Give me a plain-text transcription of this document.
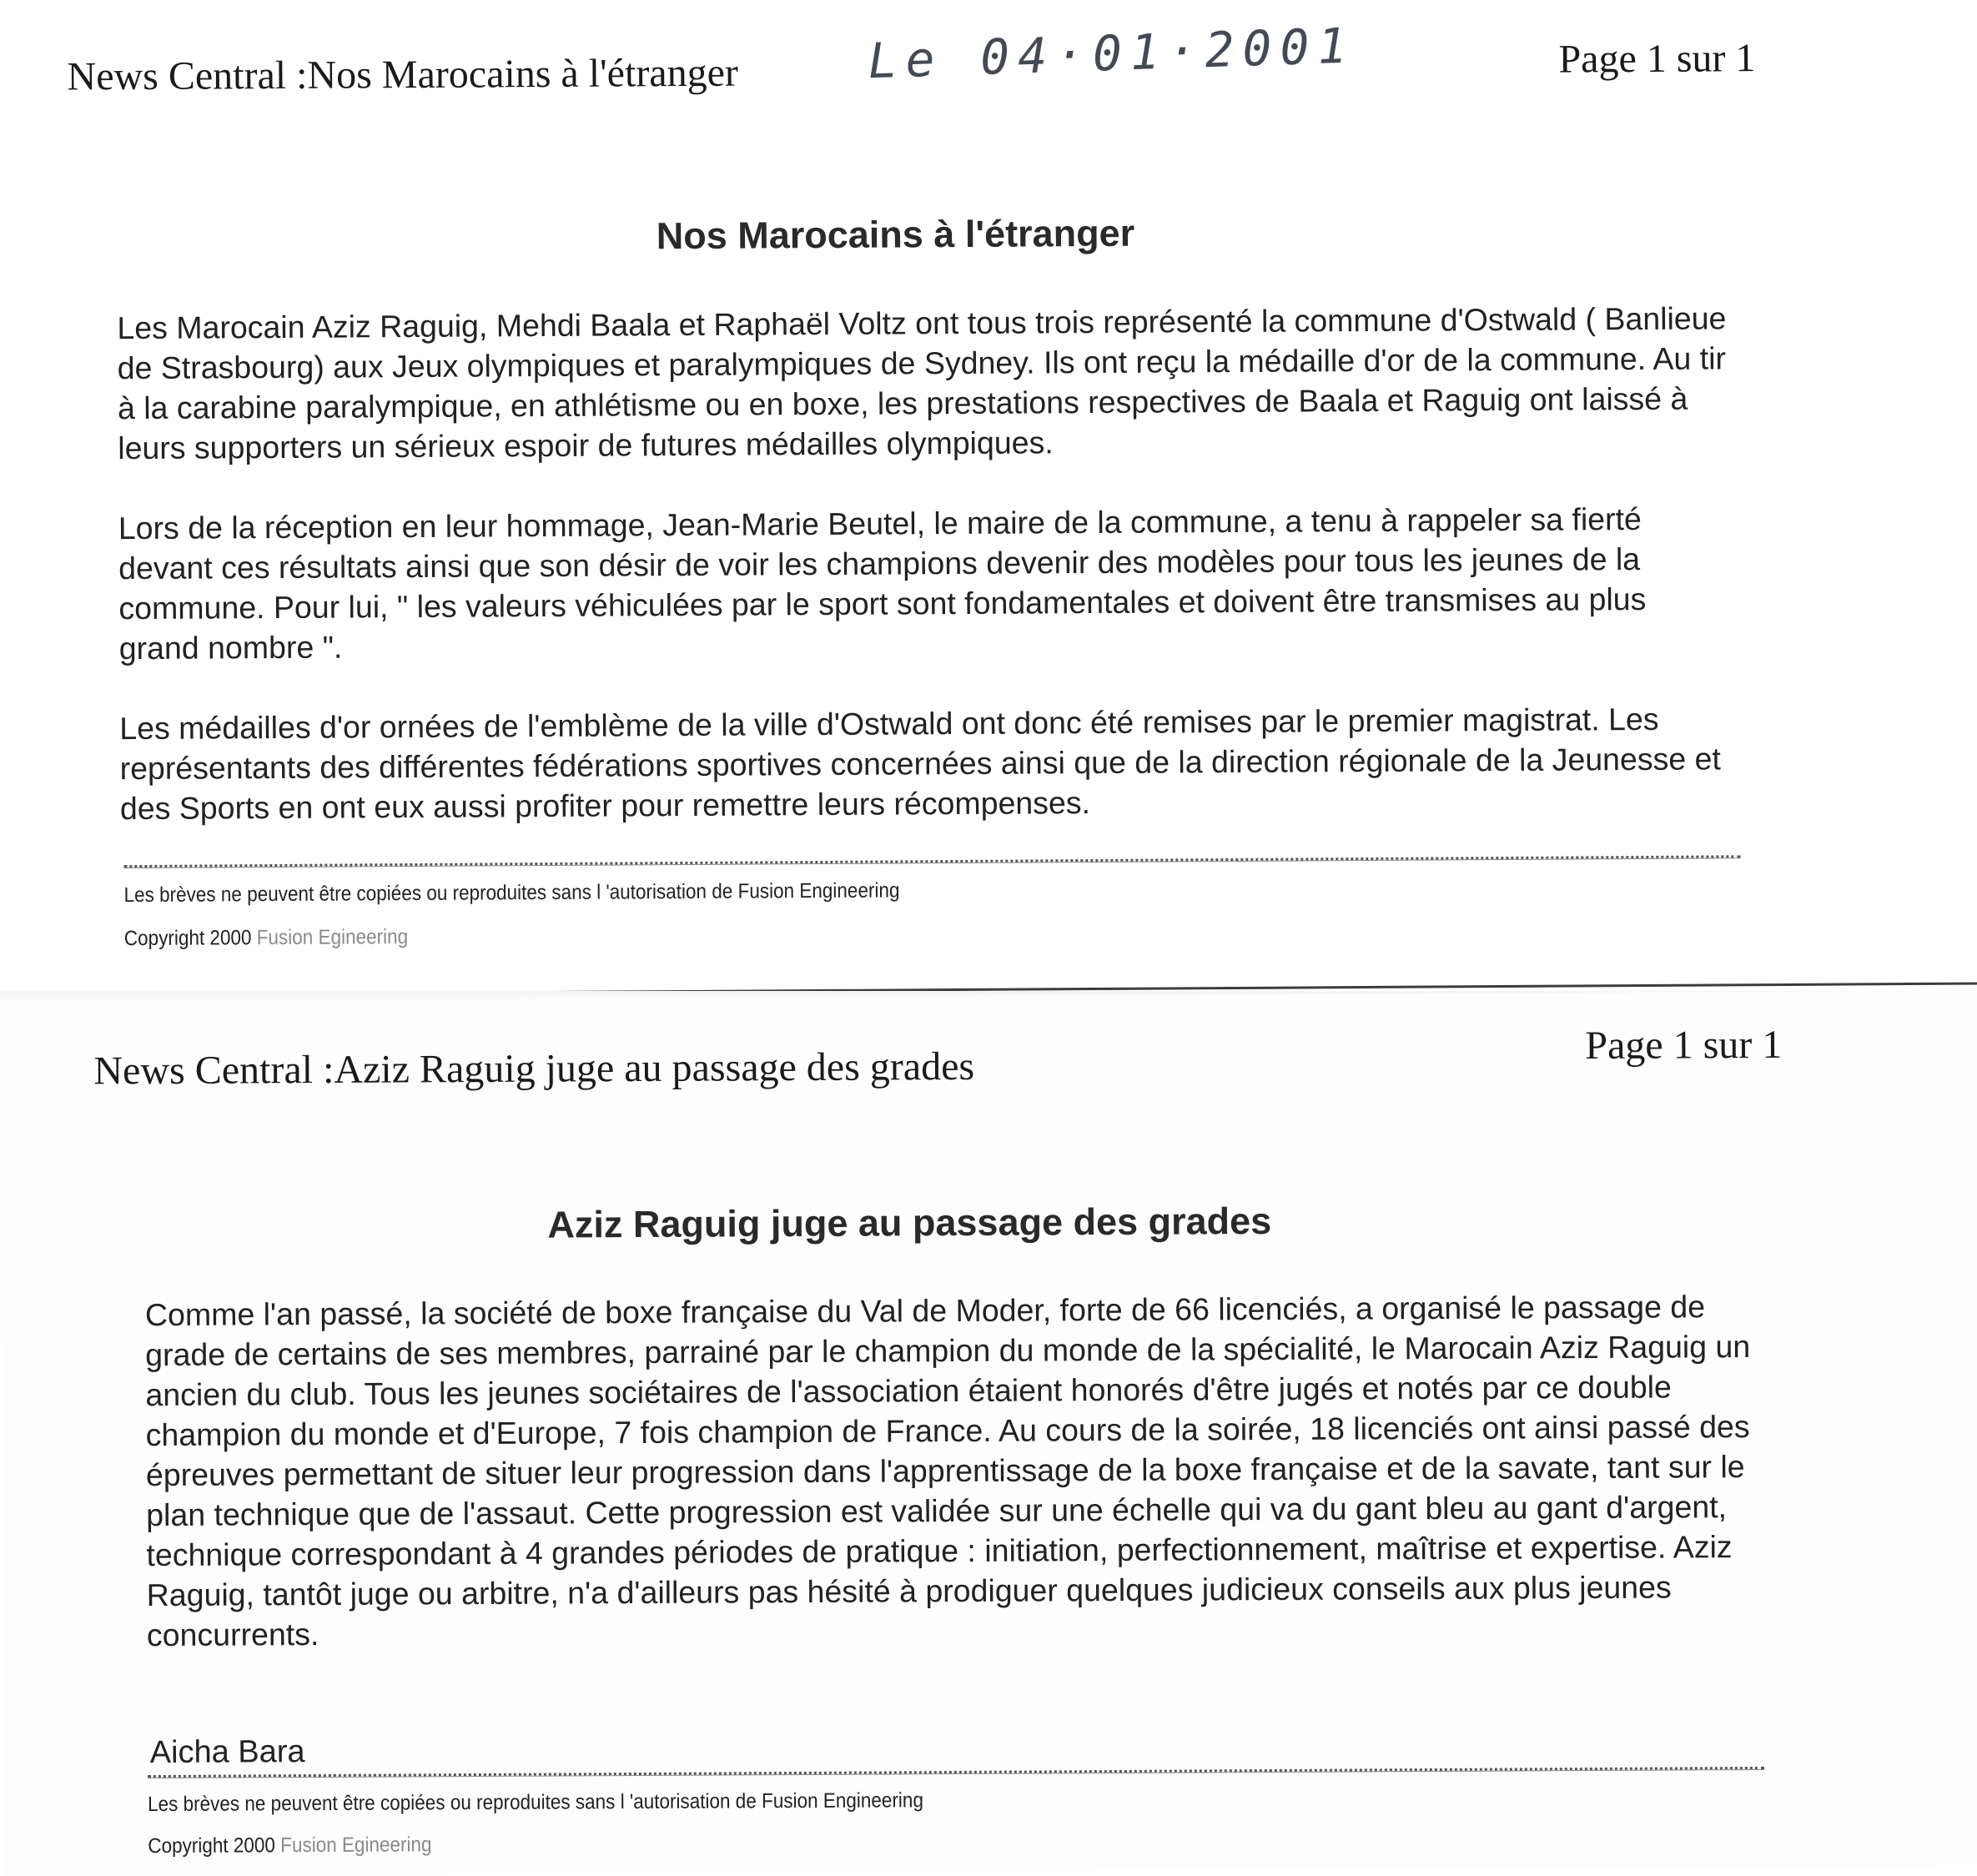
News Central :Nos Marocains à l'étranger	Le 04·01·2001	Page 1 sur 1
Nos Marocains à l'étranger

Les Marocain Aziz Raguig, Mehdi Baala et Raphaël Voltz ont tous trois représenté la commune d'Ostwald ( Banlieue de Strasbourg) aux Jeux olympiques et paralympiques de Sydney. Ils ont reçu la médaille d'or de la commune. Au tir à la carabine paralympique, en athlétisme ou en boxe, les prestations respectives de Baala et Raguig ont laissé à leurs supporters un sérieux espoir de futures médailles olympiques.

Lors de la réception en leur hommage, Jean-Marie Beutel, le maire de la commune, a tenu à rappeler sa fierté devant ces résultats ainsi que son désir de voir les champions devenir des modèles pour tous les jeunes de la commune. Pour lui, " les valeurs véhiculées par le sport sont fondamentales et doivent être transmises au plus grand nombre ".

Les médailles d'or ornées de l'emblème de la ville d'Ostwald ont donc été remises par le premier magistrat. Les représentants des différentes fédérations sportives concernées ainsi que de la direction régionale de la Jeunesse et des Sports en ont eux aussi profiter pour remettre leurs récompenses.

Les brèves ne peuvent être copiées ou reproduites sans l 'autorisation de Fusion Engineering
Copyright 2000 Fusion Egineering
News Central :Aziz Raguig juge au passage des grades	Page 1 sur 1
Aziz Raguig juge au passage des grades

Comme l'an passé, la société de boxe française du Val de Moder, forte de 66 licenciés, a organisé le passage de grade de certains de ses membres, parrainé par le champion du monde de la spécialité, le Marocain Aziz Raguig un ancien du club. Tous les jeunes sociétaires de l'association étaient honorés d'être jugés et notés par ce double champion du monde et d'Europe, 7 fois champion de France. Au cours de la soirée, 18 licenciés ont ainsi passé des épreuves permettant de situer leur progression dans l'apprentissage de la boxe française et de la savate, tant sur le plan technique que de l'assaut. Cette progression est validée sur une échelle qui va du gant bleu au gant d'argent, technique correspondant à 4 grandes périodes de pratique : initiation, perfectionnement, maîtrise et expertise. Aziz Raguig, tantôt juge ou arbitre, n'a d'ailleurs pas hésité à prodiguer quelques judicieux conseils aux plus jeunes concurrents.

Aicha Bara
Les brèves ne peuvent être copiées ou reproduites sans l 'autorisation de Fusion Engineering
Copyright 2000 Fusion Egineering
